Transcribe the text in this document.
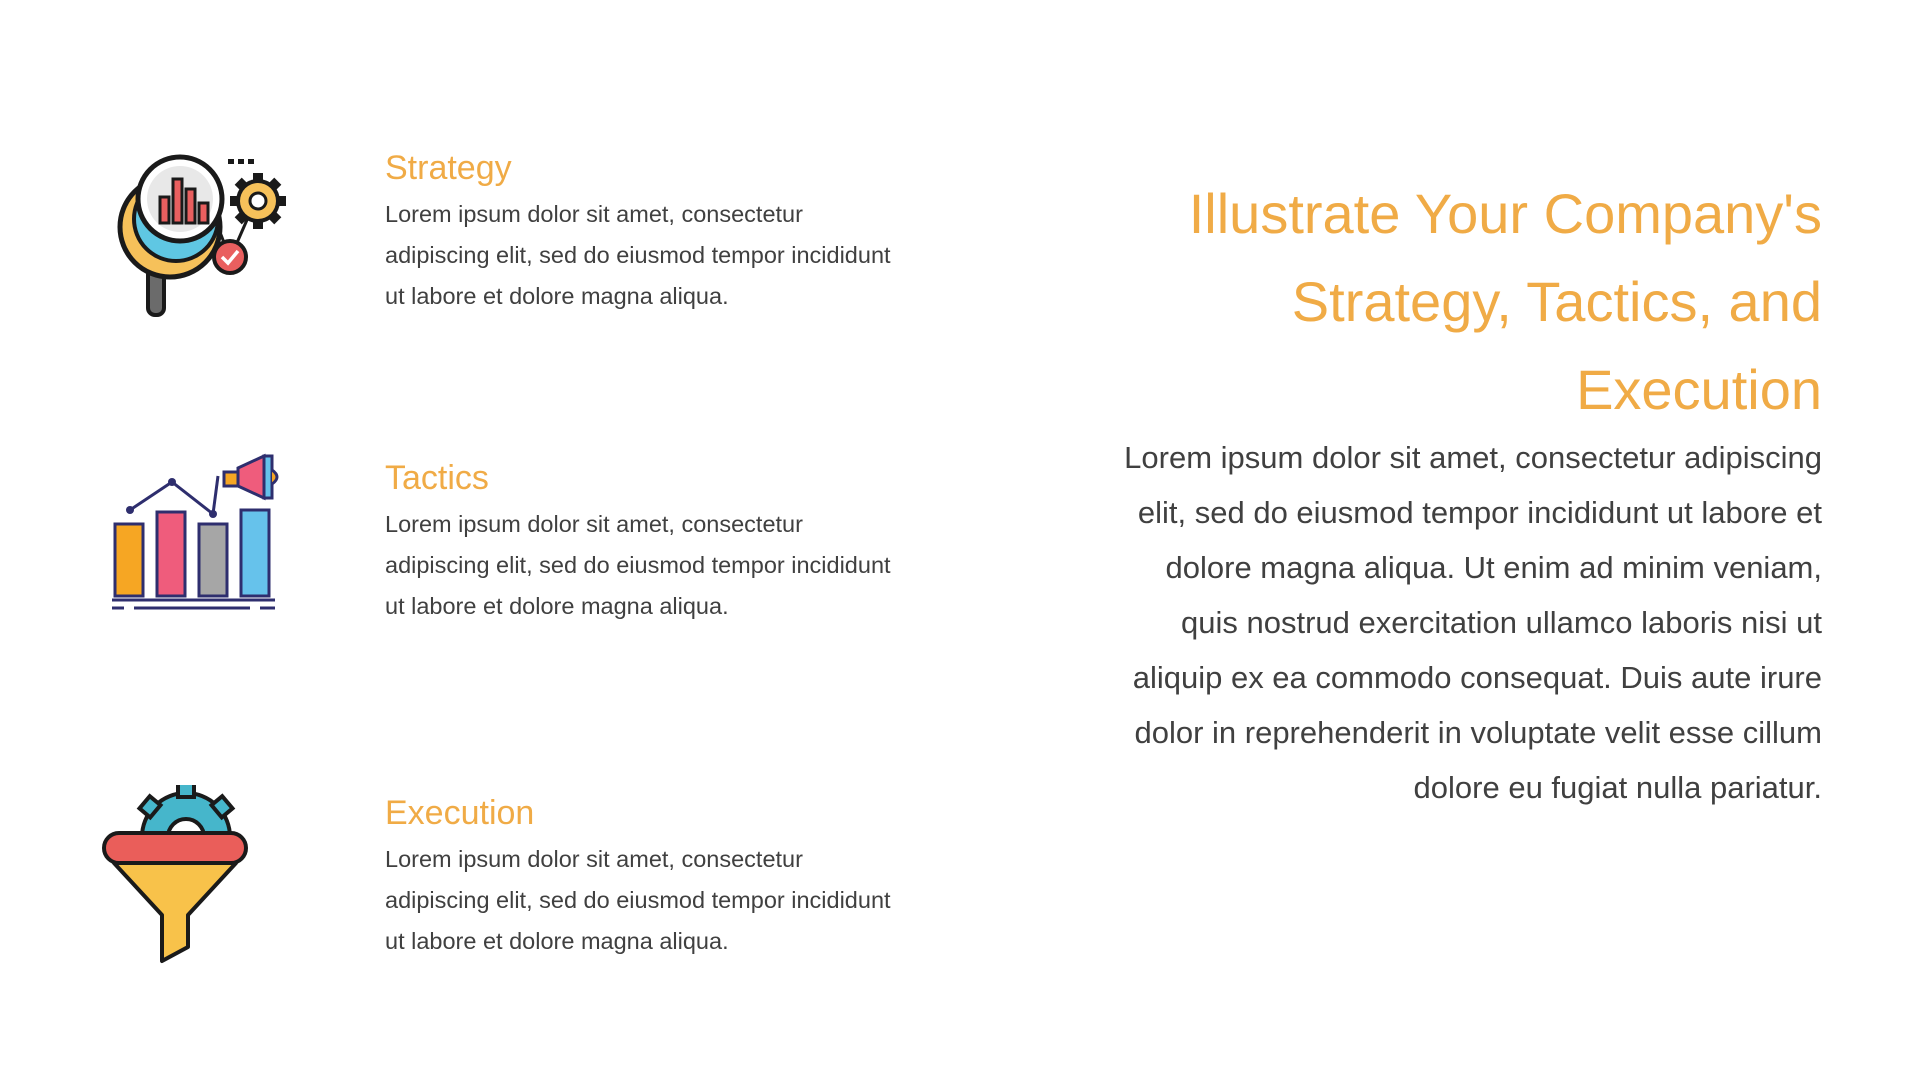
Strategy

Lorem ipsum dolor sit amet, consectetur adipiscing elit, sed do eiusmod tempor incididunt ut labore et dolore magna aliqua.

Tactics

Lorem ipsum dolor sit amet, consectetur adipiscing elit, sed do eiusmod tempor incididunt ut labore et dolore magna aliqua.

Execution

Lorem ipsum dolor sit amet, consectetur adipiscing elit, sed do eiusmod tempor incididunt ut labore et dolore magna aliqua.

Illustrate Your Company's Strategy, Tactics, and Execution

Lorem ipsum dolor sit amet, consectetur adipiscing elit, sed do eiusmod tempor incididunt ut labore et dolore magna aliqua. Ut enim ad minim veniam, quis nostrud exercitation ullamco laboris nisi ut aliquip ex ea commodo consequat. Duis aute irure dolor in reprehenderit in voluptate velit esse cillum dolore eu fugiat nulla pariatur.
